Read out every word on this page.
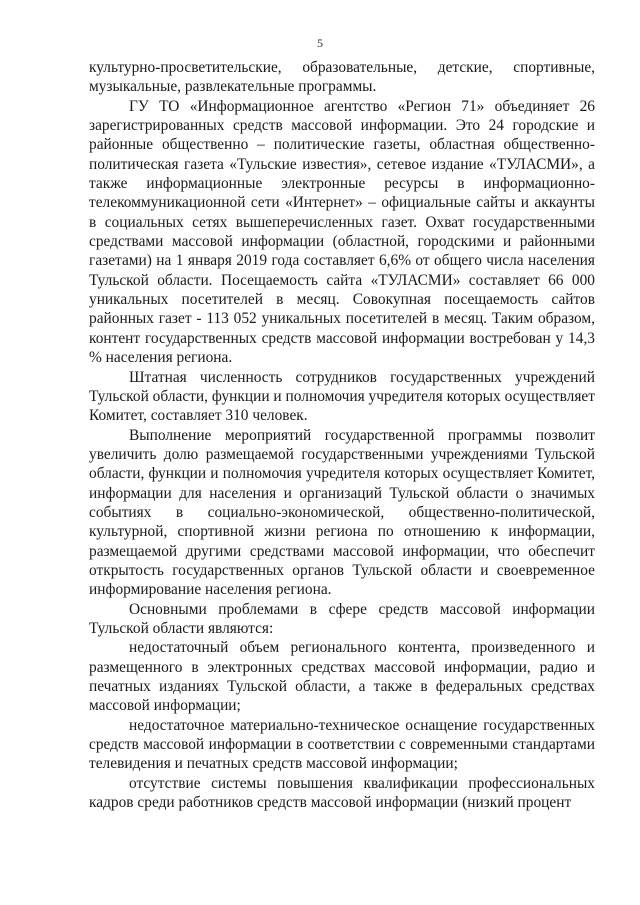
5

культурно-просветительские, образовательные, детские, спортивные, музыкальные, развлекательные программы.

ГУ ТО «Информационное агентство «Регион 71» объединяет 26 зарегистрированных средств массовой информации. Это 24 городские и районные общественно – политические газеты, областная общественно-политическая газета «Тульские известия», сетевое издание «ТУЛАСМИ», а также информационные электронные ресурсы в информационно-телекоммуникационной сети «Интернет» – официальные сайты и аккаунты в социальных сетях вышеперечисленных газет. Охват государственными средствами массовой информации (областной, городскими и районными газетами) на 1 января 2019 года составляет 6,6% от общего числа населения Тульской области. Посещаемость сайта «ТУЛАСМИ» составляет 66 000 уникальных посетителей в месяц. Совокупная посещаемость сайтов районных газет - 113 052 уникальных посетителей в месяц. Таким образом, контент государственных средств массовой информации востребован у 14,3 % населения региона.

Штатная численность сотрудников государственных учреждений Тульской области, функции и полномочия учредителя которых осуществляет Комитет, составляет 310 человек.

Выполнение мероприятий государственной программы позволит увеличить долю размещаемой государственными учреждениями Тульской области, функции и полномочия учредителя которых осуществляет Комитет, информации для населения и организаций Тульской области о значимых событиях в социально-экономической, общественно-политической, культурной, спортивной жизни региона по отношению к информации, размещаемой другими средствами массовой информации, что обеспечит открытость государственных органов Тульской области и своевременное информирование населения региона.

Основными проблемами в сфере средств массовой информации Тульской области являются:

недостаточный объем регионального контента, произведенного и размещенного в электронных средствах массовой информации, радио и печатных изданиях Тульской области, а также в федеральных средствах массовой информации;

недостаточное материально-техническое оснащение государственных средств массовой информации в соответствии с современными стандартами телевидения и печатных средств массовой информации;

отсутствие системы повышения квалификации профессиональных кадров среди работников средств массовой информации (низкий процент
